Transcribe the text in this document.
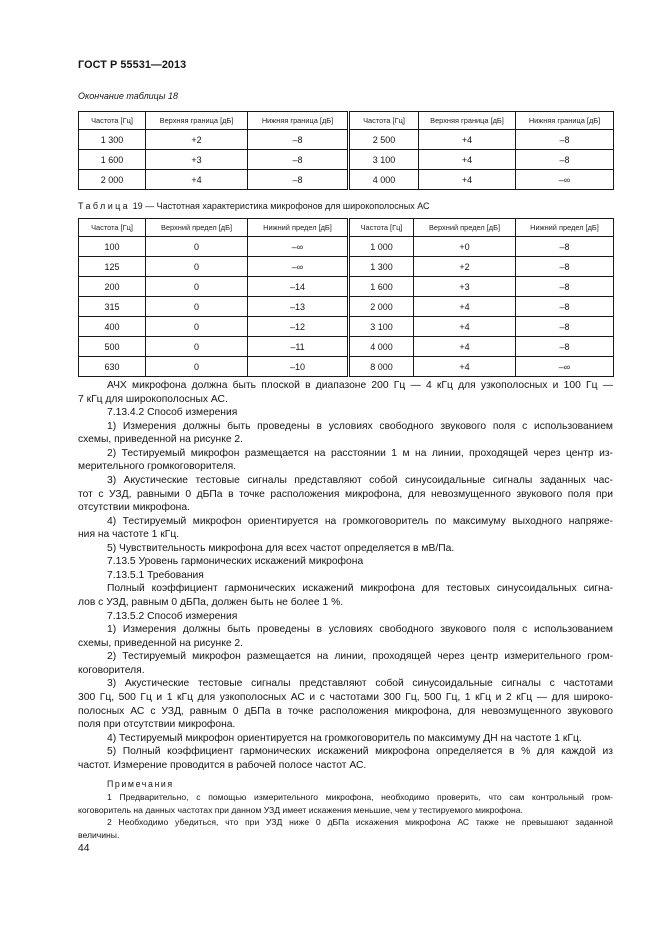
ГОСТ Р 55531—2013
Окончание таблицы 18
Частота [Гц]	Верхняя граница [дБ]	Нижняя граница [дБ]	Частота [Гц]	Верхняя граница [дБ]	Нижняя граница [дБ]
1 300	+2	–8	2 500	+4	–8
1 600	+3	–8	3 100	+4	–8
2 000	+4	–8	4 000	+4	–∞
Таблица 19 — Частотная характеристика микрофонов для широкополосных АС
Частота [Гц]	Верхний предел [дБ]	Нижний предел [дБ]	Частота [Гц]	Верхний предел [дБ]	Нижний предел [дБ]
100	0	–∞	1 000	+0	–8
125	0	–∞	1 300	+2	–8
200	0	–14	1 600	+3	–8
315	0	–13	2 000	+4	–8
400	0	–12	3 100	+4	–8
500	0	–11	4 000	+4	–8
630	0	–10	8 000	+4	–∞
АЧХ микрофона должна быть плоской в диапазоне 200 Гц — 4 кГц для узкополосных и 100 Гц —
7 кГц для широкополосных АС.
7.13.4.2 Способ измерения
1) Измерения должны быть проведены в условиях свободного звукового поля с использованием
схемы, приведенной на рисунке 2.
2) Тестируемый микрофон размещается на расстоянии 1 м на линии, проходящей через центр из-
мерительного громкоговорителя.
3) Акустические тестовые сигналы представляют собой синусоидальные сигналы заданных час-
тот с УЗД, равными 0 дБПа в точке расположения микрофона, для невозмущенного звукового поля при
отсутствии микрофона.
4) Тестируемый микрофон ориентируется на громкоговоритель по максимуму выходного напряже-
ния на частоте 1 кГц.
5) Чувствительность микрофона для всех частот определяется в мВ/Па.
7.13.5 Уровень гармонических искажений микрофона
7.13.5.1 Требования
Полный коэффициент гармонических искажений микрофона для тестовых синусоидальных сигна-
лов с УЗД, равным 0 дБПа, должен быть не более 1 %.
7.13.5.2 Способ измерения
1) Измерения должны быть проведены в условиях свободного звукового поля с использованием
схемы, приведенной на рисунке 2.
2) Тестируемый микрофон размещается на линии, проходящей через центр измерительного гром-
коговорителя.
3) Акустические тестовые сигналы представляют собой синусоидальные сигналы с частотами
300 Гц, 500 Гц и 1 кГц для узкополосных АС и с частотами 300 Гц, 500 Гц, 1 кГц и 2 кГц — для широко-
полосных АС с УЗД, равным 0 дБПа в точке расположения микрофона, для невозмущенного звукового
поля при отсутствии микрофона.
4) Тестируемый микрофон ориентируется на громкоговоритель по максимуму ДН на частоте 1 кГц.
5) Полный коэффициент гармонических искажений микрофона определяется в % для каждой из
частот. Измерение проводится в рабочей полосе частот АС.
Примечания
1 Предварительно, с помощью измерительного микрофона, необходимо проверить, что сам контрольный гром-
коговоритель на данных частотах при данном УЗД имеет искажения меньшие, чем у тестируемого микрофона.
2 Необходимо убедиться, что при УЗД ниже 0 дБПа искажения микрофона АС также не превышают заданной
величины.
44
